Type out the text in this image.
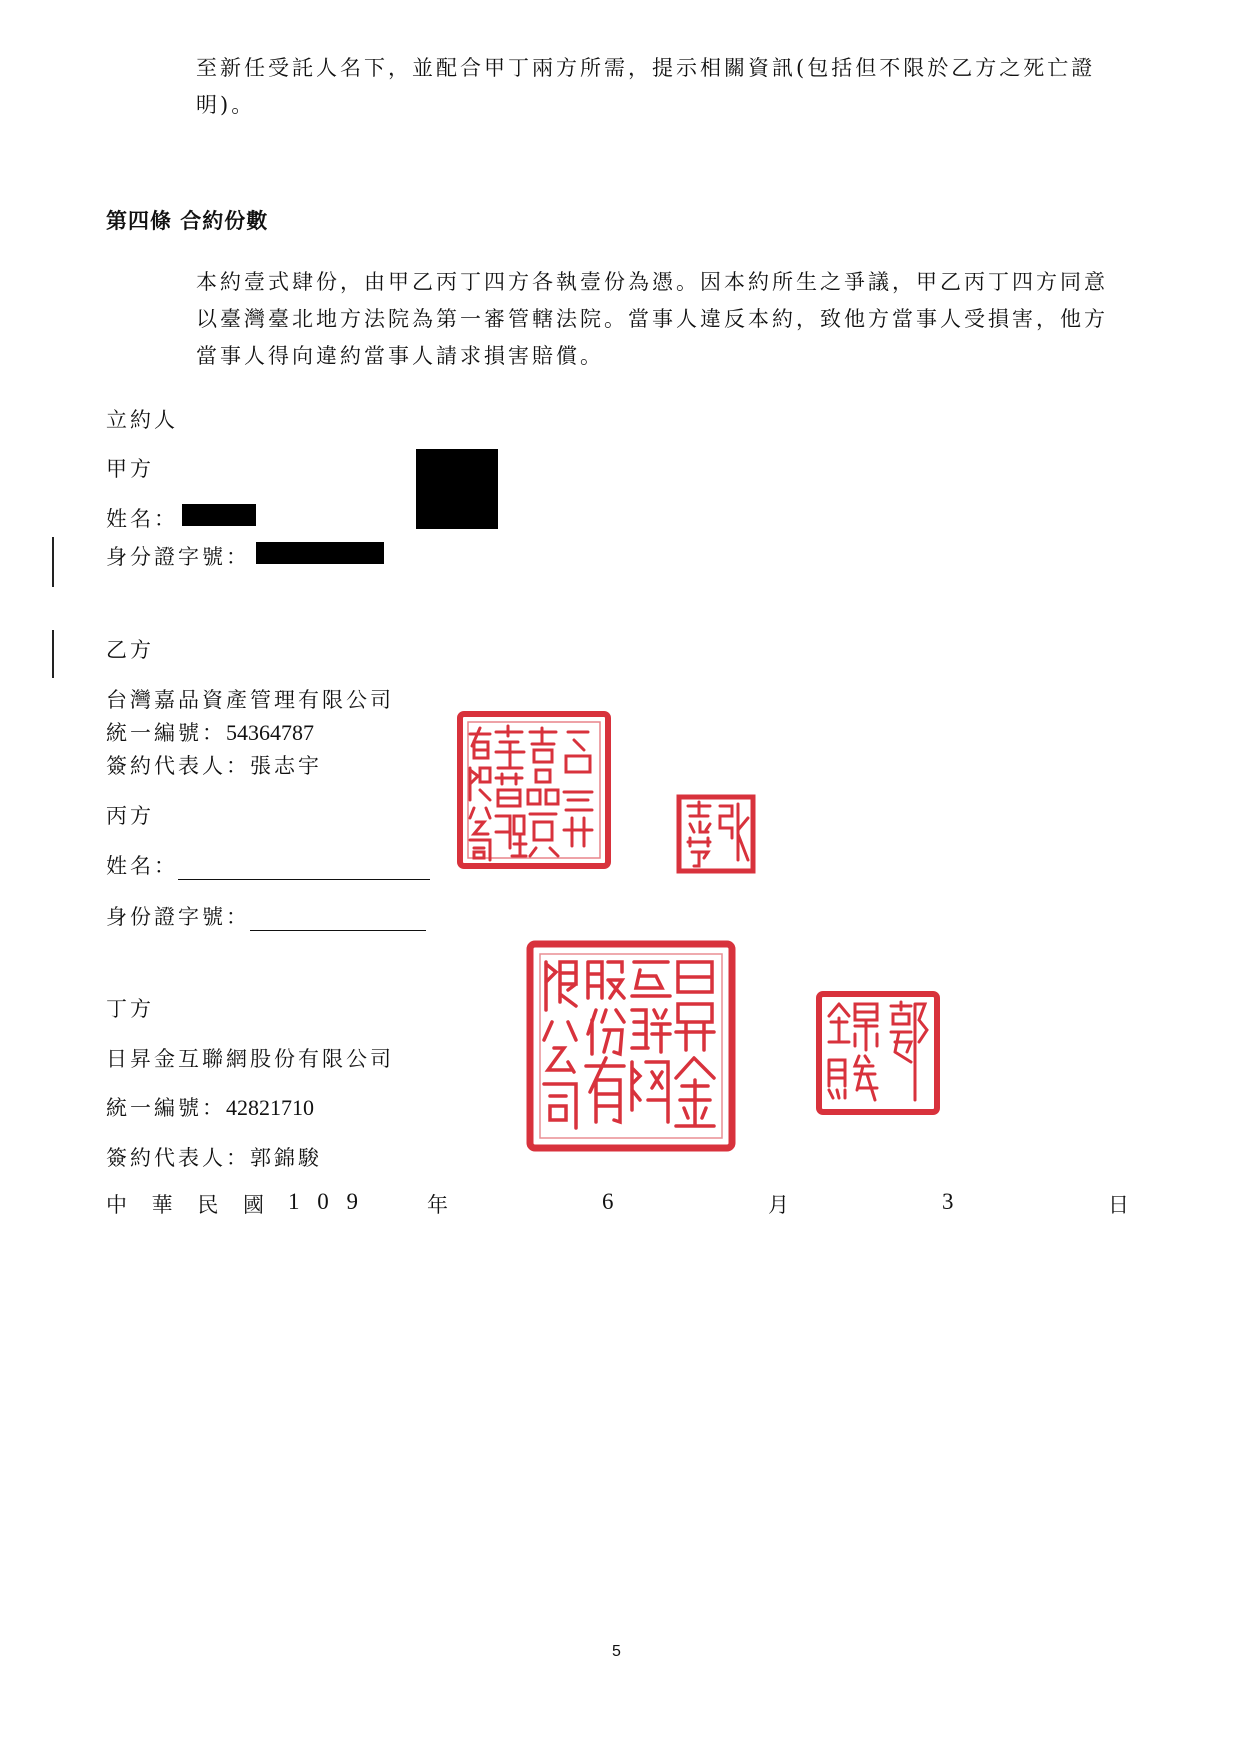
至新任受託人名下，並配合甲丁兩方所需，提示相關資訊(包括但不限於乙方之死亡證
明)。
第四條 合約份數
本約壹式肆份，由甲乙丙丁四方各執壹份為憑。因本約所生之爭議，甲乙丙丁四方同意
以臺灣臺北地方法院為第一審管轄法院。當事人違反本約，致他方當事人受損害，他方
當事人得向違約當事人請求損害賠償。
立約人
甲方
姓名：
身分證字號：
乙方
台灣嘉品資產管理有限公司
統一編號：54364787
簽約代表人：張志宇
丙方
姓名：
身份證字號：
丁方
日昇金互聯網股份有限公司
統一編號：42821710
簽約代表人：郭錦駿
中 華 民 國 1 0 9	年	6	月	3	日
5
